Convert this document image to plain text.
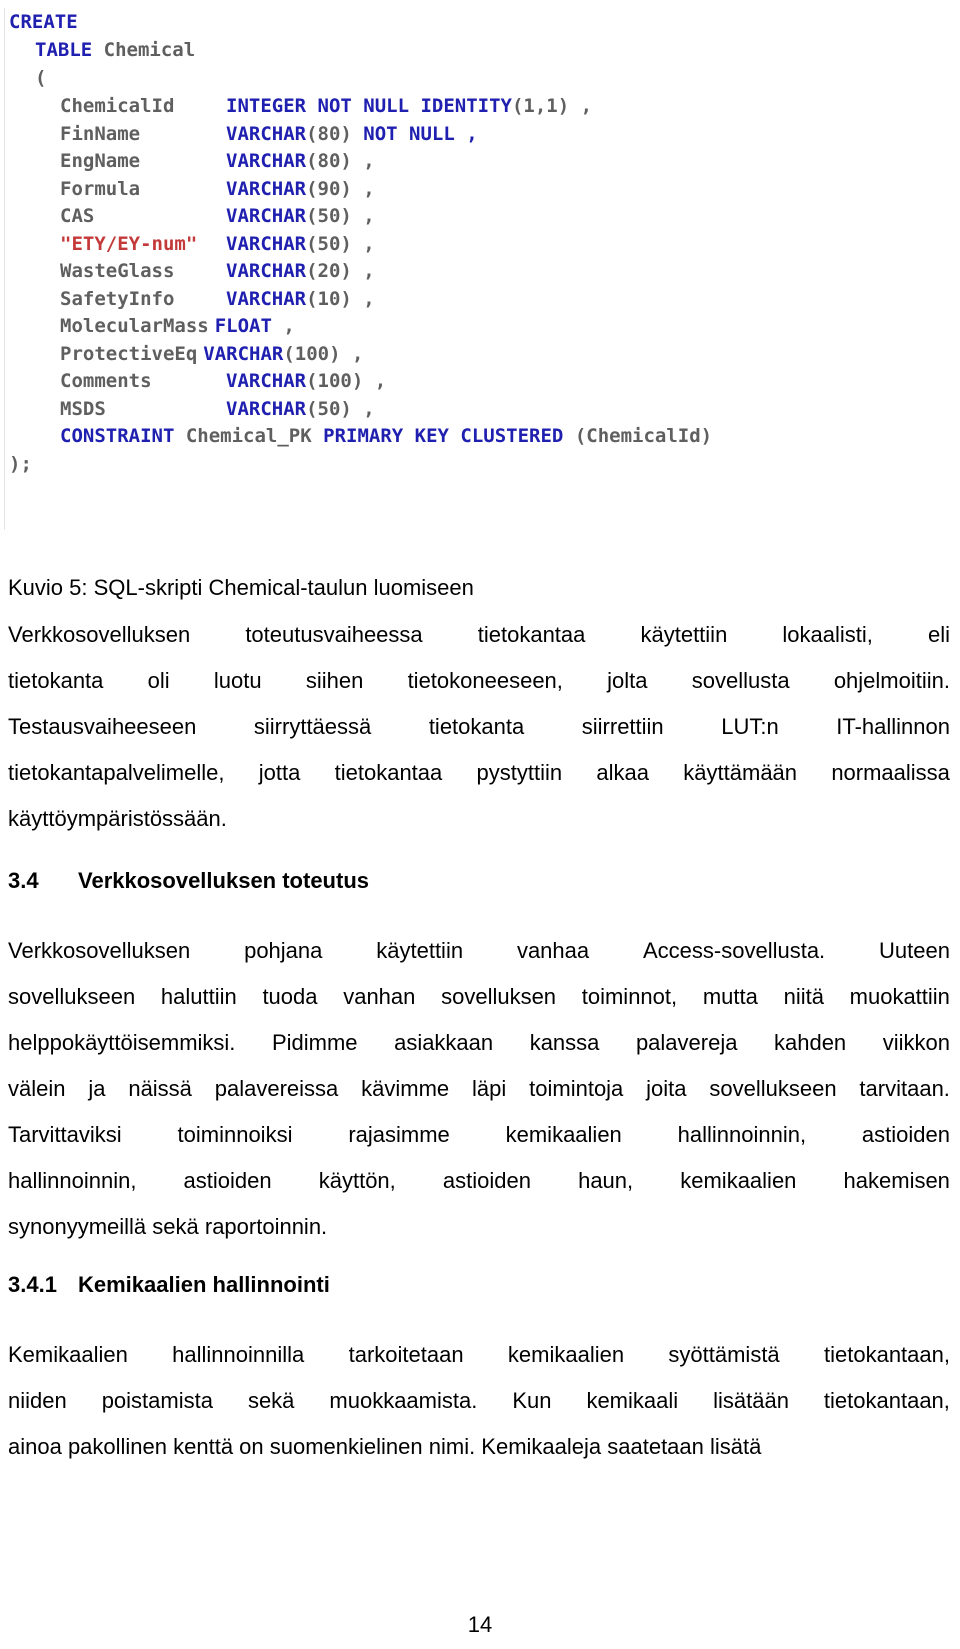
CREATE
TABLE Chemical
(
ChemicalId	INTEGER NOT NULL IDENTITY(1,1) ,
FinName	VARCHAR(80) NOT NULL ,
EngName	VARCHAR(80) ,
Formula	VARCHAR(90) ,
CAS	VARCHAR(50) ,
"ETY/EY-num" VARCHAR(50) ,
WasteGlass	VARCHAR(20) ,
SafetyInfo	VARCHAR(10) ,
MolecularMass FLOAT ,
ProtectiveEq VARCHAR(100) ,
Comments	VARCHAR(100) ,
MSDS	VARCHAR(50) ,
CONSTRAINT Chemical_PK PRIMARY KEY CLUSTERED (ChemicalId)
);
Kuvio 5: SQL-skripti Chemical-taulun luomiseen
Verkkosovelluksen	toteutusvaiheessa	tietokantaa	käytettiin	lokaalisti,	eli
tietokanta oli luotu siihen tietokoneeseen, jolta sovellusta ohjelmoitiin.
Testausvaiheeseen	siirryttäessä	tietokanta	siirrettiin	LUT:n	IT-hallinnon
tietokantapalvelimelle, jotta tietokantaa pystyttiin alkaa käyttämään normaalissa
käyttöympäristössään.
3.4 Verkkosovelluksen toteutus
Verkkosovelluksen pohjana käytettiin vanhaa Access-sovellusta. Uuteen
sovellukseen haluttiin tuoda vanhan sovelluksen toiminnot, mutta niitä muokattiin
helppokäyttöisemmiksi. Pidimme asiakkaan kanssa palavereja kahden viikkon
välein ja näissä palavereissa kävimme läpi toimintoja joita sovellukseen tarvitaan.
Tarvittaviksi	toiminnoiksi	rajasimme	kemikaalien	hallinnoinnin,	astioiden
hallinnoinnin, astioiden käyttön, astioiden haun, kemikaalien hakemisen
synonyymeillä sekä raportoinnin.
3.4.1 Kemikaalien hallinnointi
Kemikaalien hallinnoinnilla tarkoitetaan kemikaalien syöttämistä tietokantaan,
niiden poistamista sekä muokkaamista. Kun kemikaali lisätään tietokantaan,
ainoa pakollinen kenttä on suomenkielinen nimi. Kemikaaleja saatetaan lisätä
14
